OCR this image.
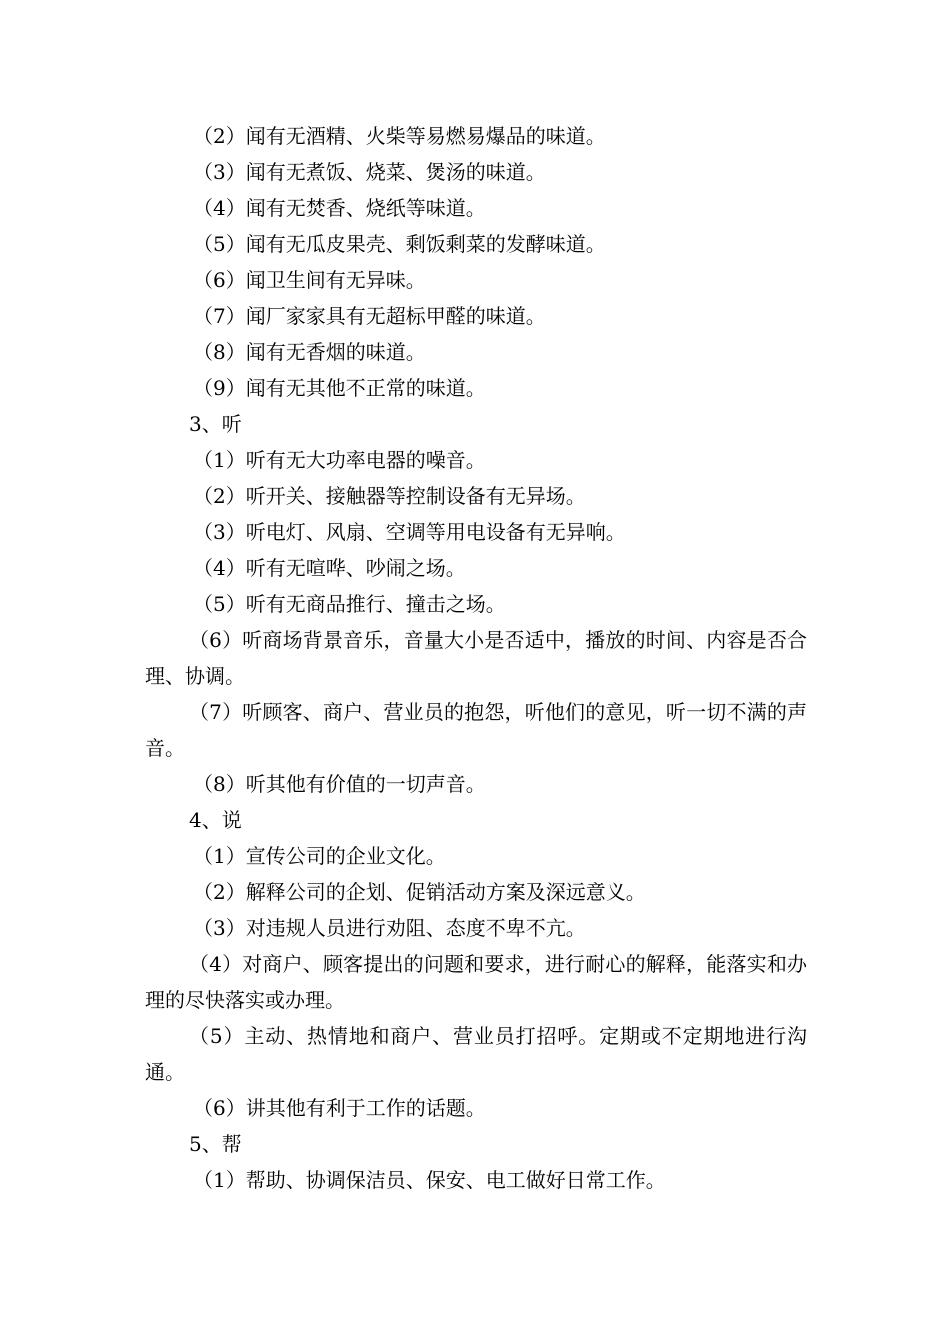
（2）闻有无酒精、火柴等易燃易爆品的味道。

（3）闻有无煮饭、烧菜、煲汤的味道。

（4）闻有无焚香、烧纸等味道。

（5）闻有无瓜皮果壳、剩饭剩菜的发酵味道。

（6）闻卫生间有无异味。

（7）闻厂家家具有无超标甲醛的味道。

（8）闻有无香烟的味道。

（9）闻有无其他不正常的味道。

3、听

（1）听有无大功率电器的噪音。

（2）听开关、接触器等控制设备有无异场。

（3）听电灯、风扇、空调等用电设备有无异响。

（4）听有无喧哗、吵闹之场。

（5）听有无商品推行、撞击之场。

（6）听商场背景音乐，音量大小是否适中，播放的时间、内容是否合理、协调。

（7）听顾客、商户、营业员的抱怨，听他们的意见，听一切不满的声音。

（8）听其他有价值的一切声音。

4、说

（1）宣传公司的企业文化。

（2）解释公司的企划、促销活动方案及深远意义。

（3）对违规人员进行劝阻、态度不卑不亢。

（4）对商户、顾客提出的问题和要求，进行耐心的解释，能落实和办理的尽快落实或办理。

（5）主动、热情地和商户、营业员打招呼。定期或不定期地进行沟通。

（6）讲其他有利于工作的话题。

5、帮

（1）帮助、协调保洁员、保安、电工做好日常工作。
